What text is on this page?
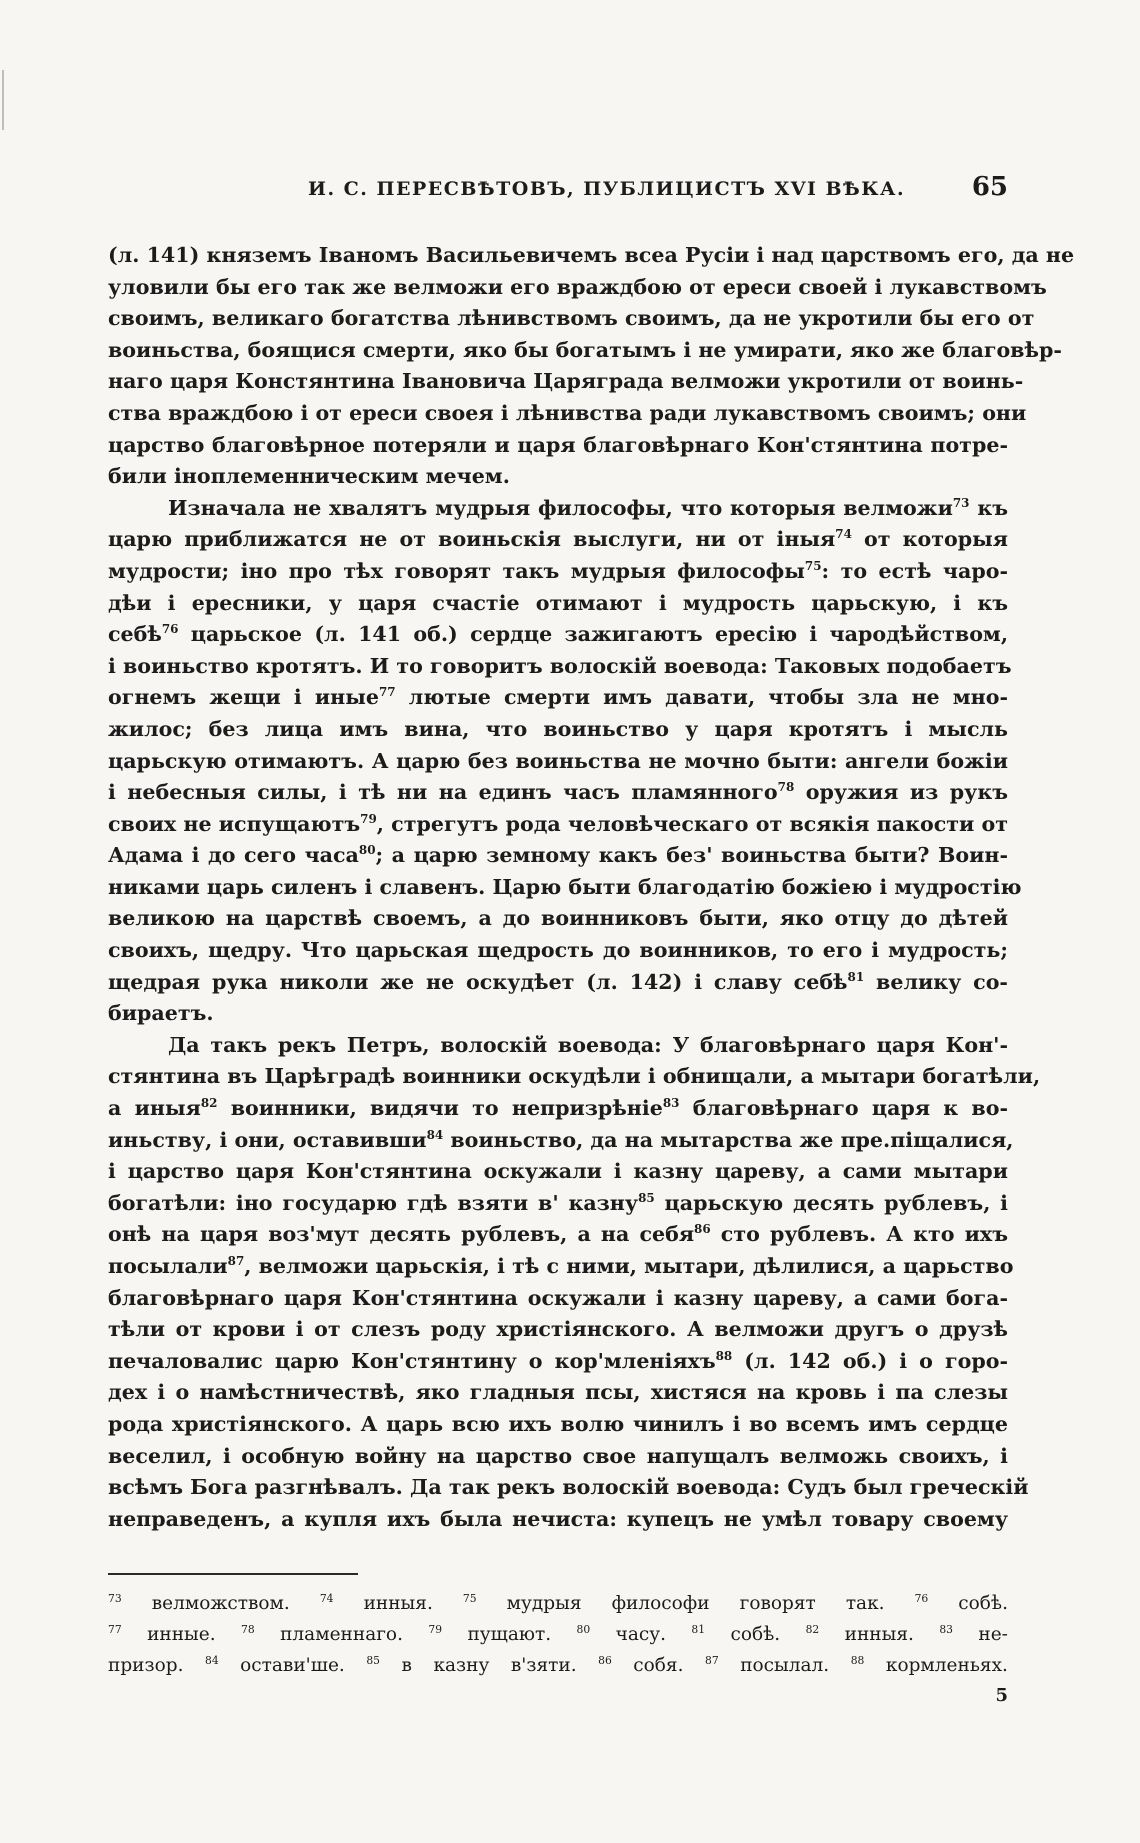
И. С. ПЕРЕСВѢТОВЪ, ПУБЛИЦИСТЪ XVI ВѢКА.	65
(л. 141) княземъ Іваномъ Васильевичемъ всеа Русіи і над царствомъ его, да не
уловили бы его так же велможи его враждбою от ереси своей і лукавствомъ
своимъ, великаго богатства лѣнивствомъ своимъ, да не укротили бы его от
воиньства, боящися смерти, яко бы богатымъ і не умирати, яко же благовѣр-
наго царя Констянтина Івановича Царяграда велможи укротили от воинь-
ства враждбою і от ереси своея і лѣнивства ради лукавствомъ своимъ; они
царство благовѣрное потеряли и царя благовѣрнаго Кон'стянтина потре-
били іноплеменническим мечем.
Изначала не хвалятъ мудрыя философы, что которыя велможи$^{73}$ къ
царю приближатся не от воиньскія выслуги, ни от іныя$^{74}$ от которыя
мудрости; іно про тѣх говорят такъ мудрыя философы$^{75}$: то естѣ чаро-
дѣи і ересники, у царя счастіе отимают і мудрость царьскую, і къ
себѣ$^{76}$ царьское (л. 141 об.) сердце зажигаютъ ересію і чародѣйством,
і воиньство кротятъ. И то говоритъ волоскій воевода: Таковых подобаетъ
огнемъ жещи і иные$^{77}$ лютые смерти имъ давати, чтобы зла не мно-
жилос; без лица имъ вина, что воиньство у царя кротятъ і мысль
царьскую отимаютъ. А царю без воиньства не мочно быти: ангели божіи
і небесныя силы, і тѣ ни на единъ часъ пламянного$^{78}$ оружия из рукъ
своих не испущаютъ$^{79}$, стрегутъ рода человѣческаго от всякія пакости от
Адама і до сего часа$^{80}$; а царю земному какъ без' воиньства быти? Воин-
никами царь силенъ і славенъ. Царю быти благодатію божіею і мудростію
великою на царствѣ своемъ, а до воинниковъ быти, яко отцу до дѣтей
своихъ, щедру. Что царьская щедрость до воинников, то его і мудрость;
щедрая рука николи же не оскудѣет (л. 142) і славу себѣ$^{81}$ велику со-
бираетъ.
Да такъ рекъ Петръ, волоскій воевода: У благовѣрнаго царя Кон'-
стянтина въ Царѣградѣ воинники оскудѣли і обнищали, а мытари богатѣли,
а иныя$^{82}$ воинники, видячи то непризрѣніе$^{83}$ благовѣрнаго царя к во-
иньству, і они, оставивши$^{84}$ воиньство, да на мытарства же пре.піщалися,
і царство царя Кон'стянтина оскужали і казну цареву, а сами мытари
богатѣли: іно государю гдѣ взяти в' казну$^{85}$ царьскую десять рублевъ, і
онѣ на царя воз'мут десять рублевъ, а на себя$^{86}$ сто рублевъ. А кто ихъ
посылали$^{87}$, велможи царьскія, і тѣ с ними, мытари, дѣлилися, а царьство
благовѣрнаго царя Кон'стянтина оскужали і казну цареву, а сами бога-
тѣли от крови і от слезъ роду христіянского. А велможи другъ о друзѣ
печаловалис царю Кон'стянтину о кор'мленіяхъ$^{88}$ (л. 142 об.) і о горо-
дех і о намѣстничествѣ, яко гладныя псы, хистяся на кровь і па слезы
рода христіянского. А царь всю ихъ волю чинилъ і во всемъ имъ сердце
веселил, і особную войну на царство свое напущалъ велможь своихъ, і
всѣмъ Бога разгнѣвалъ. Да так рекъ волоскій воевода: Судъ был греческій
неправеденъ, а купля ихъ была нечиста: купецъ не умѣл товару своему
$^{73}$ велможством.	$^{74}$ инныя.	$^{75}$ мудрыя философи говорят так.	$^{76}$ собѣ.
$^{77}$ инные. $^{78}$ пламеннаго. $^{79}$ пущают. $^{80}$ часу. $^{81}$ собѣ. $^{82}$ инныя. $^{83}$ не-
призор. $^{84}$ остави'ше. $^{85}$ в казну в'зяти. $^{86}$ собя. $^{87}$ посылал. $^{88}$ кормленьях.
5
